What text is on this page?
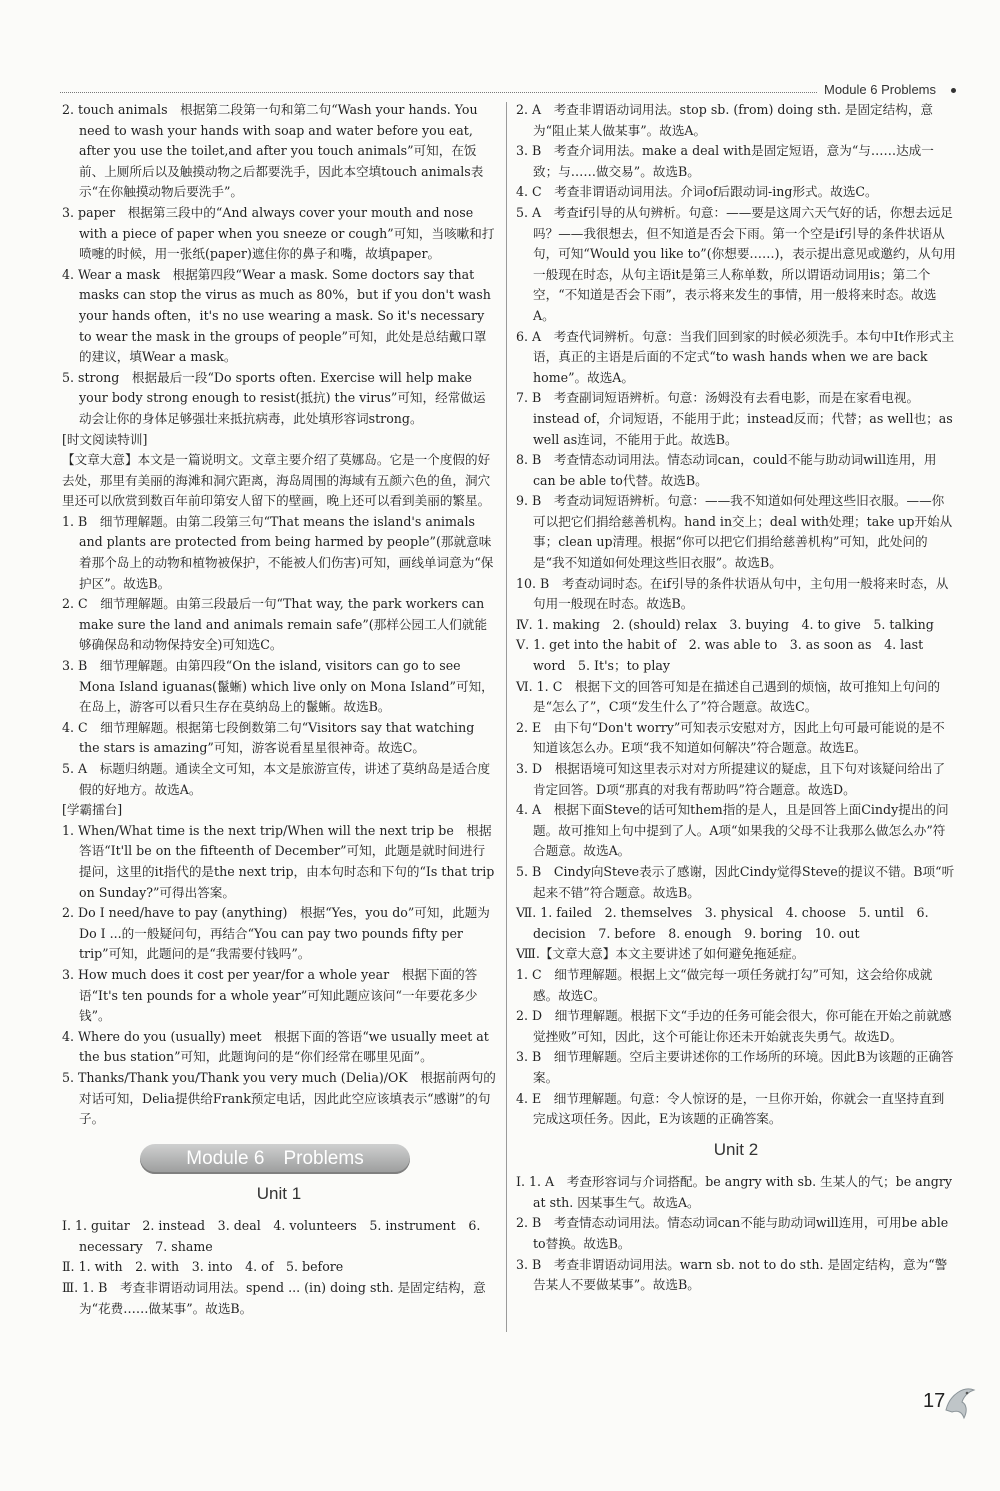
Module 6 Problems

2. touch animals　根据第二段第一句和第二句“Wash your hands. You need to wash your hands with soap and water before you eat, after you use the toilet,and after you touch animals”可知，在饭前、上厕所后以及触摸动物之后都要洗手，因此本空填touch animals表示“在你触摸动物后要洗手”。

3. paper　根据第三段中的“And always cover your mouth and nose with a piece of paper when you sneeze or cough”可知，当咳嗽和打喷嚏的时候，用一张纸(paper)遮住你的鼻子和嘴，故填paper。

4. Wear a mask　根据第四段“Wear a mask. Some doctors say that masks can stop the virus as much as 80%，but if you don't wash your hands often，it's no use wearing a mask. So it's necessary to wear the mask in the groups of people”可知，此处是总结戴口罩的建议，填Wear a mask。

5. strong　根据最后一段“Do sports often. Exercise will help make your body strong enough to resist(抵抗) the virus”可知，经常做运动会让你的身体足够强壮来抵抗病毒，此处填形容词strong。

[时文阅读特训]

【文章大意】本文是一篇说明文。文章主要介绍了莫娜岛。它是一个度假的好去处，那里有美丽的海滩和洞穴距离，海岛周围的海域有五颜六色的鱼，洞穴里还可以欣赏到数百年前印第安人留下的壁画，晚上还可以看到美丽的繁星。

1. B　细节理解题。由第二段第三句“That means the island's animals and plants are protected from being harmed by people”(那就意味着那个岛上的动物和植物被保护，不能被人们伤害)可知，画线单词意为“保护区”。故选B。

2. C　细节理解题。由第三段最后一句“That way, the park workers can make sure the land and animals remain safe”(那样公园工人们就能够确保岛和动物保持安全)可知选C。

3. B　细节理解题。由第四段“On the island, visitors can go to see Mona Island iguanas(鬣蜥) which live only on Mona Island”可知，在岛上，游客可以看只生存在莫纳岛上的鬣蜥。故选B。

4. C　细节理解题。根据第七段倒数第二句“Visitors say that watching the stars is amazing”可知，游客说看星星很神奇。故选C。

5. A　标题归纳题。通读全文可知，本文是旅游宣传，讲述了莫纳岛是适合度假的好地方。故选A。

[学霸擂台]

1. When/What time is the next trip/When will the next trip be　根据答语“It'll be on the fifteenth of December”可知，此题是就时间进行提问，这里的it指代的是the next trip，由本句时态和下句的“Is that trip on Sunday?”可得出答案。

2. Do I need/have to pay (anything)　根据“Yes，you do”可知，此题为Do I ...的一般疑问句，再结合“You can pay two pounds fifty per trip”可知，此题问的是“我需要付钱吗”。

3. How much does it cost per year/for a whole year　根据下面的答语“It's ten pounds for a whole year”可知此题应该问“一年要花多少钱”。

4. Where do you (usually) meet　根据下面的答语“we usually meet at the bus station”可知，此题询问的是“你们经常在哪里见面”。

5. Thanks/Thank you/Thank you very much (Delia)/OK　根据前两句的对话可知，Delia提供给Frank预定电话，因此此空应该填表示“感谢”的句子。

Module 6　Problems
Unit 1

Ⅰ. 1. guitar　2. instead　3. deal　4. volunteers　5. instrument　6. necessary　7. shame

Ⅱ. 1. with　2. with　3. into　4. of　5. before

Ⅲ. 1. B　考查非谓语动词用法。spend ... (in) doing sth. 是固定结构，意为“花费……做某事”。故选B。

2. A　考查非谓语动词用法。stop sb. (from) doing sth. 是固定结构，意为“阻止某人做某事”。故选A。

3. B　考查介词用法。make a deal with是固定短语，意为“与……达成一致；与……做交易”。故选B。

4. C　考查非谓语动词用法。介词of后跟动词-ing形式。故选C。

5. A　考查if引导的从句辨析。句意：——要是这周六天气好的话，你想去远足吗？——我很想去，但不知道是否会下雨。第一个空是if引导的条件状语从句，可知“Would you like to”(你想要……)，表示提出意见或邀约，从句用一般现在时态，从句主语it是第三人称单数，所以谓语动词用is；第二个空，“不知道是否会下雨”，表示将来发生的事情，用一般将来时态。故选A。

6. A　考查代词辨析。句意：当我们回到家的时候必须洗手。本句中It作形式主语，真正的主语是后面的不定式“to wash hands when we are back home”。故选A。

7. B　考查副词短语辨析。句意：汤姆没有去看电影，而是在家看电视。instead of，介词短语，不能用于此；instead反而；代替；as well也；as well as连词，不能用于此。故选B。

8. B　考查情态动词用法。情态动词can，could不能与助动词will连用，用can be able to代替。故选B。

9. B　考查动词短语辨析。句意：——我不知道如何处理这些旧衣服。——你可以把它们捐给慈善机构。hand in交上；deal with处理；take up开始从事；clean up清理。根据“你可以把它们捐给慈善机构”可知，此处问的是“我不知道如何处理这些旧衣服”。故选B。

10. B　考查动词时态。在if引导的条件状语从句中，主句用一般将来时态，从句用一般现在时态。故选B。

Ⅳ. 1. making　2. (should) relax　3. buying　4. to give　5. talking

Ⅴ. 1. get into the habit of　2. was able to　3. as soon as　4. last word　5. It's；to play

Ⅵ. 1. C　根据下文的回答可知是在描述自己遇到的烦恼，故可推知上句问的是“怎么了”，C项“发生什么了”符合题意。故选C。

2. E　由下句“Don't worry”可知表示安慰对方，因此上句可最可能说的是不知道该怎么办。E项“我不知道如何解决”符合题意。故选E。

3. D　根据语境可知这里表示对对方所提建议的疑虑，且下句对该疑问给出了肯定回答。D项“那真的对我有帮助吗”符合题意。故选D。

4. A　根据下面Steve的话可知them指的是人，且是回答上面Cindy提出的问题。故可推知上句中提到了人。A项“如果我的父母不让我那么做怎么办”符合题意。故选A。

5. B　Cindy向Steve表示了感谢，因此Cindy觉得Steve的提议不错。B项“听起来不错”符合题意。故选B。

Ⅶ. 1. failed　2. themselves　3. physical　4. choose　5. until　6. decision　7. before　8. enough　9. boring　10. out

Ⅷ.【文章大意】本文主要讲述了如何避免拖延症。

1. C　细节理解题。根据上文“做完每一项任务就打勾”可知，这会给你成就感。故选C。

2. D　细节理解题。根据下文“手边的任务可能会很大，你可能在开始之前就感觉挫败”可知，因此，这个可能让你还未开始就丧失勇气。故选D。

3. B　细节理解题。空后主要讲述你的工作场所的环境。因此B为该题的正确答案。

4. E　细节理解题。句意：令人惊讶的是，一旦你开始，你就会一直坚持直到完成这项任务。因此，E为该题的正确答案。

Unit 2

Ⅰ. 1. A　考查形容词与介词搭配。be angry with sb. 生某人的气；be angry at sth. 因某事生气。故选A。

2. B　考查情态动词用法。情态动词can不能与助动词will连用，可用be able to替换。故选B。

3. B　考查非谓语动词用法。warn sb. not to do sth. 是固定结构，意为“警告某人不要做某事”。故选B。

17
